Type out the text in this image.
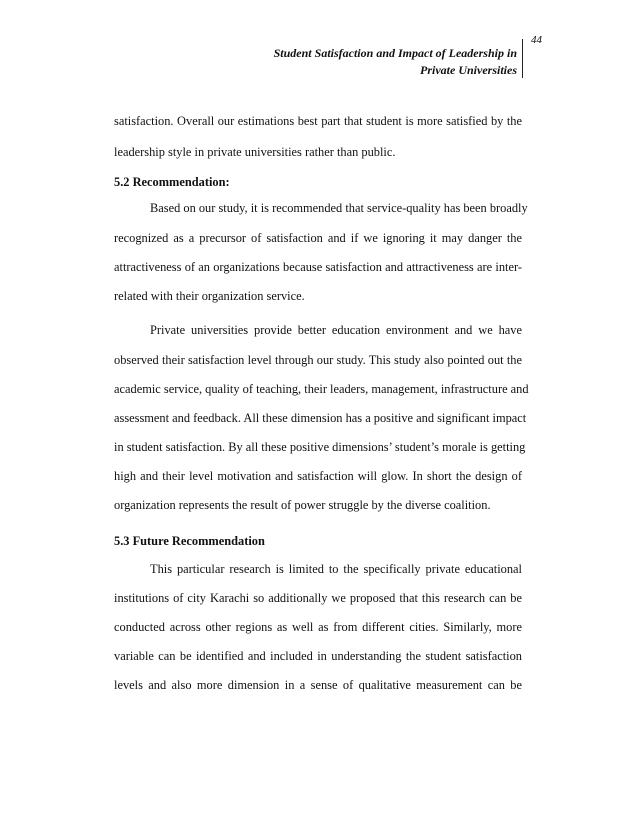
Student Satisfaction and Impact of Leadership in
Private Universities
44
satisfaction. Overall our estimations best part that student is more satisfied by the
leadership style in private universities rather than public.
5.2 Recommendation:
Based on our study, it is recommended that service-quality has been broadly
recognized as a precursor of satisfaction and if we ignoring it may danger the
attractiveness of an organizations because satisfaction and attractiveness are inter-
related with their organization service.
Private universities provide better education environment and we have
observed their satisfaction level through our study. This study also pointed out the
academic service, quality of teaching, their leaders, management, infrastructure and
assessment and feedback. All these dimension has a positive and significant impact
in student satisfaction. By all these positive dimensions’ student’s morale is getting
high and their level motivation and satisfaction will glow. In short the design of
organization represents the result of power struggle by the diverse coalition.
5.3 Future Recommendation
This particular research is limited to the specifically private educational
institutions of city Karachi so additionally we proposed that this research can be
conducted across other regions as well as from different cities. Similarly, more
variable can be identified and included in understanding the student satisfaction
levels and also more dimension in a sense of qualitative measurement can be
